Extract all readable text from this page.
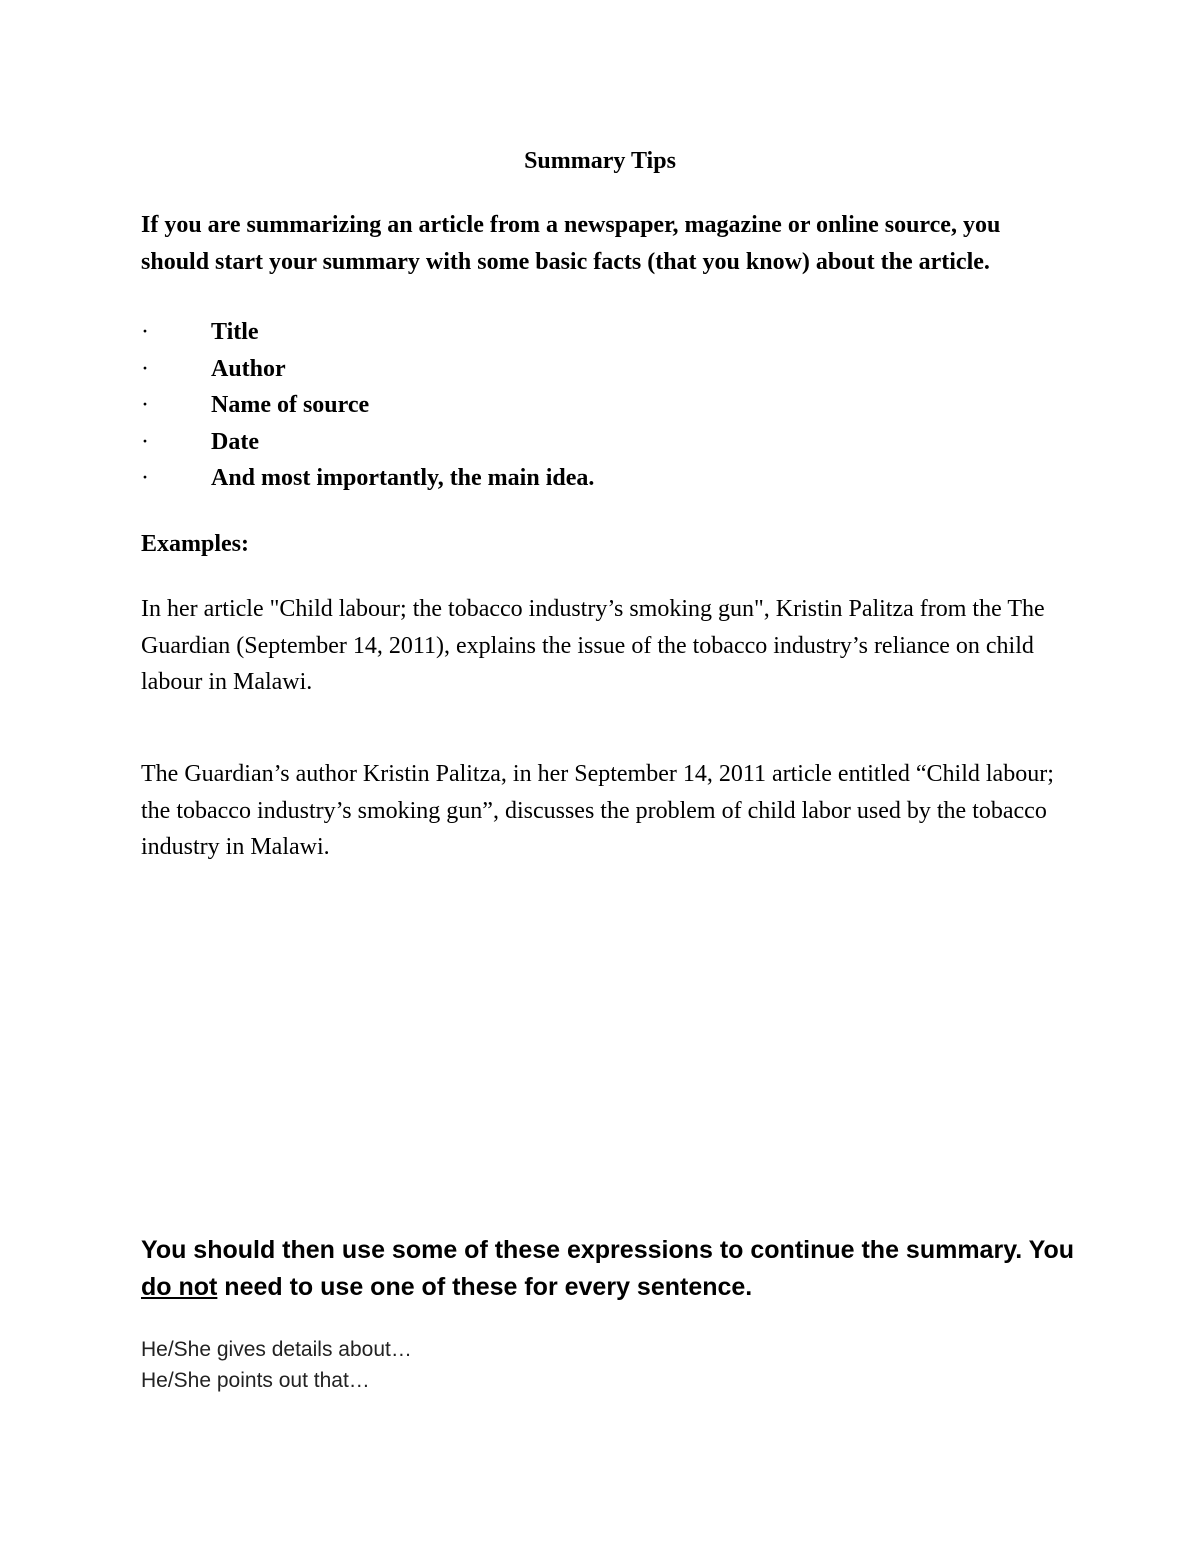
Summary Tips

If you are summarizing an article from a newspaper, magazine or online source, you should start your summary with some basic facts (that you know) about the article.

·	Title
·	Author
·	Name of source
·	Date
·	And most importantly, the main idea.

Examples:

In her article "Child labour; the tobacco industry’s smoking gun", Kristin Palitza from the The Guardian (September 14, 2011), explains the issue of the tobacco industry’s reliance on child labour in Malawi.

The Guardian’s author Kristin Palitza, in her September 14, 2011 article entitled “Child labour; the tobacco industry’s smoking gun”, discusses the problem of child labor used by the tobacco industry in Malawi.

You should then use some of these expressions to continue the summary. You do not need to use one of these for every sentence.

He/She gives details about…
He/She points out that…
